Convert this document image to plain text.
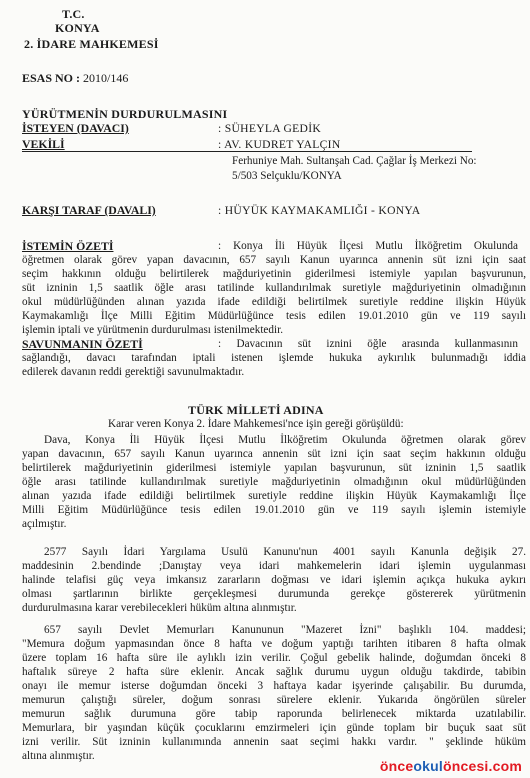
T.C.
KONYA
2. İDARE MAHKEMESİ
ESAS NO : 2010/146
YÜRÜTMENİN DURDURULMASINI
İSTEYEN (DAVACI)	: SÜHEYLA GEDİK
VEKİLİ	: AV. KUDRET YALÇIN
Ferhuniye Mah. Sultanşah Cad. Çağlar İş Merkezi No:
5/503 Selçuklu/KONYA
KARŞI TARAF (DAVALI)	: HÜYÜK KAYMAKAMLIĞI - KONYA
İSTEMİN ÖZETİ	: Konya İli Hüyük İlçesi Mutlu İlköğretim Okulunda
öğretmen olarak görev yapan davacının, 657 sayılı Kanun uyarınca annenin süt izni için saat
seçim hakkının olduğu belirtilerek mağduriyetinin giderilmesi istemiyle yapılan başvurunun,
süt izninin 1,5 saatlik öğle arası tatilinde kullandırılmak suretiyle mağduriyetinin olmadığının
okul müdürlüğünden alınan yazıda ifade edildiği belirtilmek suretiyle reddine ilişkin Hüyük
Kaymakamlığı İlçe Milli Eğitim Müdürlüğünce tesis edilen 19.01.2010 gün ve 119 sayılı
işlemin iptali ve yürütmenin durdurulması istenilmektedir.
SAVUNMANIN ÖZETİ	: Davacının süt iznini öğle arasında kullanmasının
sağlandığı, davacı tarafından iptali istenen işlemde hukuka aykırılık bulunmadığı iddia
edilerek davanın reddi gerektiği savunulmaktadır.
TÜRK MİLLETİ ADINA
Karar veren Konya 2. İdare Mahkemesi'nce işin gereği görüşüldü:
Dava, Konya İli Hüyük İlçesi Mutlu İlköğretim Okulunda öğretmen olarak görev
yapan davacının, 657 sayılı Kanun uyarınca annenin süt izni için saat seçim hakkının olduğu
belirtilerek mağduriyetinin giderilmesi istemiyle yapılan başvurunun, süt izninin 1,5 saatlik
öğle arası tatilinde kullandırılmak suretiyle mağduriyetinin olmadığının okul müdürlüğünden
alınan yazıda ifade edildiği belirtilmek suretiyle reddine ilişkin Hüyük Kaymakamlığı İlçe
Milli Eğitim Müdürlüğünce tesis edilen 19.01.2010 gün ve 119 sayılı işlemin istemiyle
açılmıştır.
2577 Sayılı İdari Yargılama Usulü Kanunu'nun 4001 sayılı Kanunla değişik 27.
maddesinin 2.bendinde ;Danıştay veya idari mahkemelerin idari işlemin uygulanması
halinde telafisi güç veya imkansız zararların doğması ve idari işlemin açıkça hukuka aykırı
olması şartlarının birlikte gerçekleşmesi durumunda gerekçe göstererek yürütmenin
durdurulmasına karar verebilecekleri hüküm altına alınmıştır.
657 sayılı Devlet Memurları Kanununun "Mazeret İzni" başlıklı 104. maddesi;
"Memura doğum yapmasından önce 8 hafta ve doğum yaptığı tarihten itibaren 8 hafta olmak
üzere toplam 16 hafta süre ile aylıklı izin verilir. Çoğul gebelik halinde, doğumdan önceki 8
haftalık süreye 2 hafta süre eklenir. Ancak sağlık durumu uygun olduğu takdirde, tabibin
onayı ile memur isterse doğumdan önceki 3 haftaya kadar işyerinde çalışabilir. Bu durumda,
memurun çalıştığı süreler, doğum sonrası sürelere eklenir. Yukarıda öngörülen süreler
memurun sağlık durumuna göre tabip raporunda belirlenecek miktarda uzatılabilir.
Memurlara, bir yaşından küçük çocuklarını emzirmeleri için günde toplam bir buçuk saat süt
izni verilir. Süt izninin kullanımında annenin saat seçimi hakkı vardır. " şeklinde hüküm
altına alınmıştır.
önceokulöncesi.com
